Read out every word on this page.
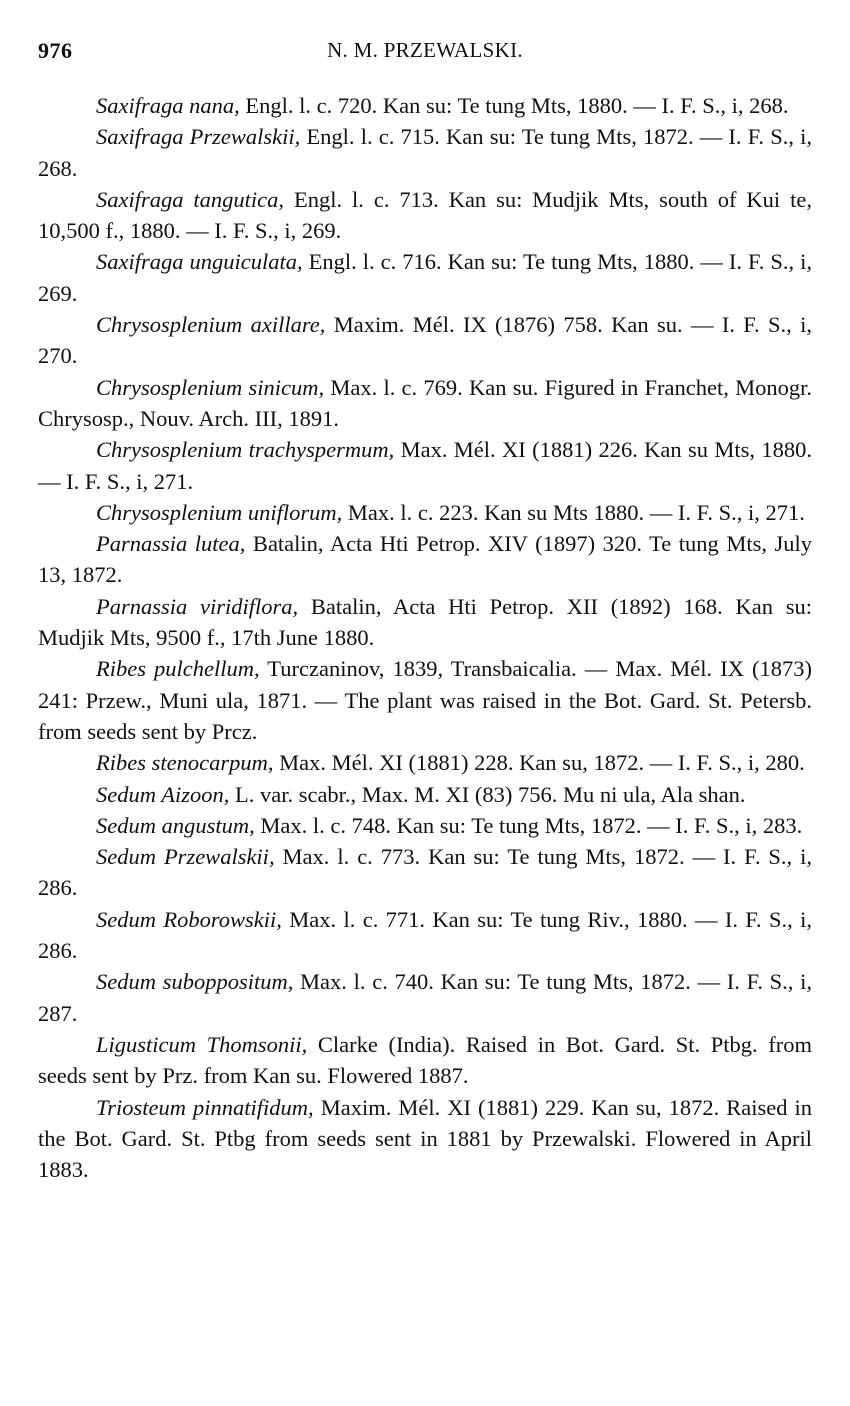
976	N. M. PRZEWALSKI.

Saxifraga nana, Engl. l. c. 720. Kan su: Te tung Mts, 1880. — I. F. S., i, 268.

Saxifraga Przewalskii, Engl. l. c. 715. Kan su: Te tung Mts, 1872. — I. F. S., i, 268.

Saxifraga tangutica, Engl. l. c. 713. Kan su: Mudjik Mts, south of Kui te, 10,500 f., 1880. — I. F. S., i, 269.

Saxifraga unguiculata, Engl. l. c. 716. Kan su: Te tung Mts, 1880. — I. F. S., i, 269.

Chrysosplenium axillare, Maxim. Mél. IX (1876) 758. Kan su. — I. F. S., i, 270.

Chrysosplenium sinicum, Max. l. c. 769. Kan su. Figured in Franchet, Monogr. Chrysosp., Nouv. Arch. III, 1891.

Chrysosplenium trachyspermum, Max. Mél. XI (1881) 226. Kan su Mts, 1880. — I. F. S., i, 271.

Chrysosplenium uniflorum, Max. l. c. 223. Kan su Mts 1880. — I. F. S., i, 271.

Parnassia lutea, Batalin, Acta Hti Petrop. XIV (1897) 320. Te tung Mts, July 13, 1872.

Parnassia viridiflora, Batalin, Acta Hti Petrop. XII (1892) 168. Kan su: Mudjik Mts, 9500 f., 17th June 1880.

Ribes pulchellum, Turczaninov, 1839, Transbaicalia. — Max. Mél. IX (1873) 241: Przew., Muni ula, 1871. — The plant was raised in the Bot. Gard. St. Petersb. from seeds sent by Prcz.

Ribes stenocarpum, Max. Mél. XI (1881) 228. Kan su, 1872. — I. F. S., i, 280.

Sedum Aizoon, L. var. scabr., Max. M. XI (83) 756. Mu ni ula, Ala shan.

Sedum angustum, Max. l. c. 748. Kan su: Te tung Mts, 1872. — I. F. S., i, 283.

Sedum Przewalskii, Max. l. c. 773. Kan su: Te tung Mts, 1872. — I. F. S., i, 286.

Sedum Roborowskii, Max. l. c. 771. Kan su: Te tung Riv., 1880. — I. F. S., i, 286.

Sedum suboppositum, Max. l. c. 740. Kan su: Te tung Mts, 1872. — I. F. S., i, 287.

Ligusticum Thomsonii, Clarke (India). Raised in Bot. Gard. St. Ptbg. from seeds sent by Prz. from Kan su. Flowered 1887.

Triosteum pinnatifidum, Maxim. Mél. XI (1881) 229. Kan su, 1872. Raised in the Bot. Gard. St. Ptbg from seeds sent in 1881 by Przewalski. Flowered in April 1883.
